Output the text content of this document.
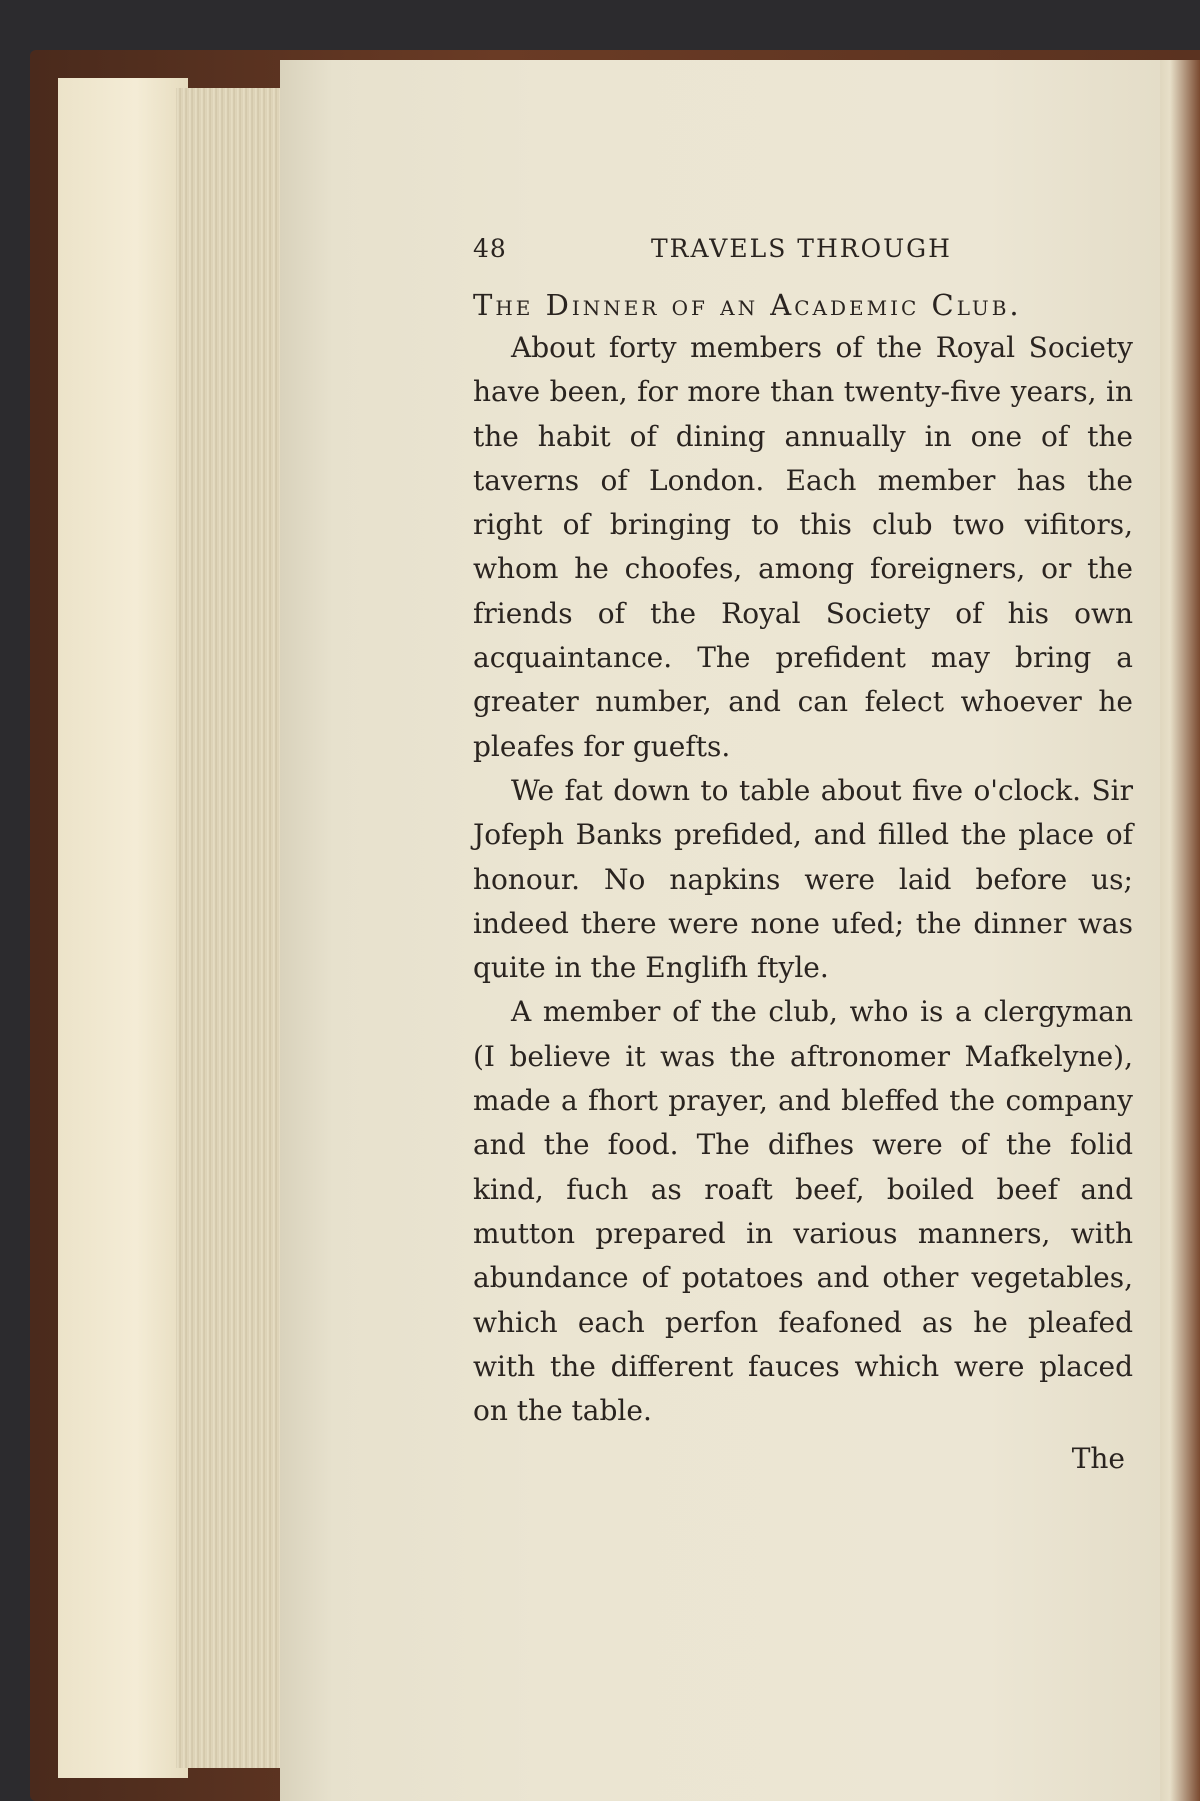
48	TRAVELS THROUGH
The Dinner of an Academic Club.

About forty members of the Royal Society have been, for more than twenty-five years, in the habit of dining annually in one of the taverns of London. Each member has the right of bringing to this club two vifitors, whom he choofes, among foreigners, or the friends of the Royal Society of his own acquaintance. The prefident may bring a greater number, and can felect whoever he pleafes for guefts.

We fat down to table about five o'clock. Sir Jofeph Banks prefided, and filled the place of honour. No napkins were laid before us; indeed there were none ufed; the dinner was quite in the Englifh ftyle.

A member of the club, who is a clergyman (I believe it was the aftronomer Mafkelyne), made a fhort prayer, and bleffed the company and the food. The difhes were of the folid kind, fuch as roaft beef, boiled beef and mutton prepared in various manners, with abundance of potatoes and other vegetables, which each perfon feafoned as he pleafed with the different fauces which were placed on the table.

The
